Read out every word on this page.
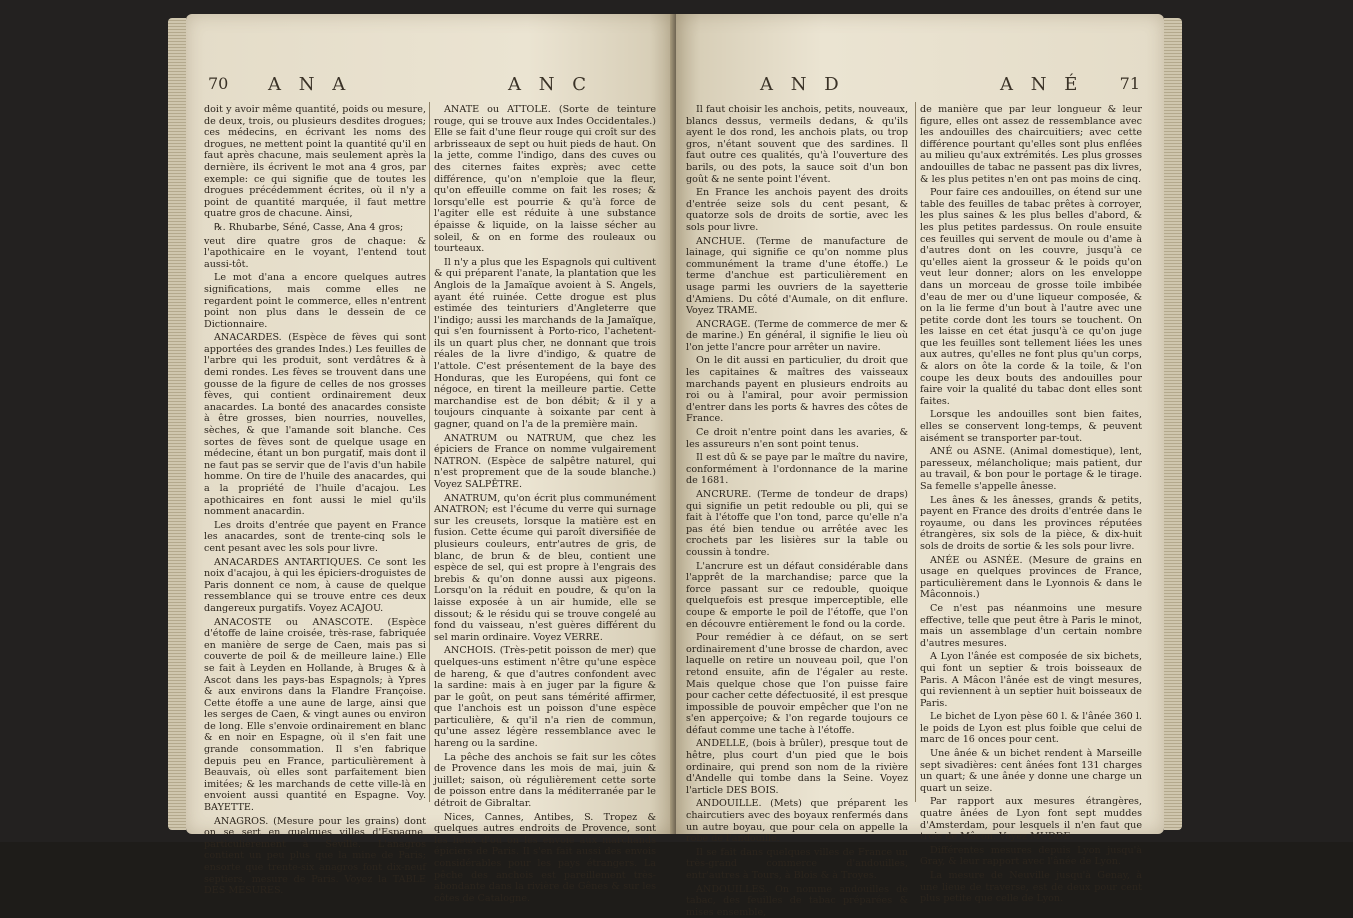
70 A N A	A N C

doit y avoir même quantité, poids ou mesure, de deux, trois, ou plusieurs desdites drogues; ces médecins, en écrivant les noms des drogues, ne mettent point la quantité qu'il en faut après chacune, mais seulement après la dernière, ils écrivent le mot ana 4 gros, par exemple: ce qui signifie que de toutes les drogues précédemment écrites, où il n'y a point de quantité marquée, il faut mettre quatre gros de chacune. Ainsi,

℞. Rhubarbe, Séné, Casse, Ana 4 gros;

veut dire quatre gros de chaque: & l'apothicaire en le voyant, l'entend tout aussi-tôt.

Le mot d'ana a encore quelques autres significations, mais comme elles ne regardent point le commerce, elles n'entrent point non plus dans le dessein de ce Dictionnaire.

ANACARDES. (Espèce de fèves qui sont apportées des grandes Indes.) Les feuilles de l'arbre qui les produit, sont verdâtres & à demi rondes. Les fèves se trouvent dans une gousse de la figure de celles de nos grosses fèves, qui contient ordinairement deux anacardes. La bonté des anacardes consiste à être grosses, bien nourries, nouvelles, sèches, & que l'amande soit blanche. Ces sortes de fèves sont de quelque usage en médecine, étant un bon purgatif, mais dont il ne faut pas se servir que de l'avis d'un habile homme. On tire de l'huile des anacardes, qui a la propriété de l'huile d'acajou. Les apothicaires en font aussi le miel qu'ils nomment anacardin.

Les droits d'entrée que payent en France les anacardes, sont de trente-cinq sols le cent pesant avec les sols pour livre.

ANACARDES ANTARTIQUES. Ce sont les noix d'acajou, à qui les épiciers-droguistes de Paris donnent ce nom, à cause de quelque ressemblance qui se trouve entre ces deux dangereux purgatifs. Voyez ACAJOU.

ANACOSTE ou ANASCOTE. (Espèce d'étoffe de laine croisée, très-rase, fabriquée en manière de serge de Caen, mais pas si couverte de poil & de meilleure laine.) Elle se fait à Leyden en Hollande, à Bruges & à Ascot dans les pays-bas Espagnols; à Ypres & aux environs dans la Flandre Françoise. Cette étoffe a une aune de large, ainsi que les serges de Caen, & vingt aunes ou environ de long. Elle s'envoie ordinairement en blanc & en noir en Espagne, où il s'en fait une grande consommation. Il s'en fabrique depuis peu en France, particulièrement à Beauvais, où elles sont parfaitement bien imitées; & les marchands de cette ville-là en envoient aussi quantité en Espagne. Voy. BAYETTE.

ANAGROS. (Mesure pour les grains) dont on se sert en quelques villes d'Espagne, particulièrement à Séville. L'anagros contient un peu plus que la mine de Paris; ensorte que trente-six anagros font dix-neuf septiers, mesure de Paris. Voyez la TABLE DES MESURES.

ANATE ou ATTOLE. (Sorte de teinture rouge, qui se trouve aux Indes Occidentales.) Elle se fait d'une fleur rouge qui croît sur des arbrisseaux de sept ou huit pieds de haut. On la jette, comme l'indigo, dans des cuves ou des citernes faites exprès; avec cette différence, qu'on n'emploie que la fleur, qu'on effeuille comme on fait les roses; & lorsqu'elle est pourrie & qu'à force de l'agiter elle est réduite à une substance épaisse & liquide, on la laisse sécher au soleil, & on en forme des rouleaux ou tourteaux.

Il n'y a plus que les Espagnols qui cultivent & qui préparent l'anate, la plantation que les Anglois de la Jamaïque avoient à S. Angels, ayant été ruinée. Cette drogue est plus estimée des teinturiers d'Angleterre que l'indigo; aussi les marchands de la Jamaïque, qui s'en fournissent à Porto-rico, l'achetent-ils un quart plus cher, ne donnant que trois réales de la livre d'indigo, & quatre de l'attole. C'est présentement de la baye des Honduras, que les Européens, qui font ce négoce, en tirent la meilleure partie. Cette marchandise est de bon débit; & il y a toujours cinquante à soixante par cent à gagner, quand on l'a de la première main.

ANATRUM ou NATRUM, que chez les épiciers de France on nomme vulgairement NATRON. (Espèce de salpêtre naturel, qui n'est proprement que de la soude blanche.) Voyez SALPÊTRE.

ANATRUM, qu'on écrit plus communément ANATRON; est l'écume du verre qui surnage sur les creusets, lorsque la matière est en fusion. Cette écume qui paroît diversifiée de plusieurs couleurs, entr'autres de gris, de blanc, de brun & de bleu, contient une espèce de sel, qui est propre à l'engrais des brebis & qu'on donne aussi aux pigeons. Lorsqu'on la réduit en poudre, & qu'on la laisse exposée à un air humide, elle se dissout; & le résidu qui se trouve congelé au fond du vaisseau, n'est guères différent du sel marin ordinaire. Voyez VERRE.

ANCHOIS. (Très-petit poisson de mer) que quelques-uns estiment n'être qu'une espèce de hareng, & que d'autres confondent avec la sardine: mais à en juger par la figure & par le goût, on peut sans témérité affirmer, que l'anchois est un poisson d'une espèce particulière, & qu'il n'a rien de commun, qu'une assez légère ressemblance avec le hareng ou la sardine.

La pêche des anchois se fait sur les côtes de Provence dans les mois de mai, juin & juillet; saison, où régulièrement cette sorte de poisson entre dans la méditerranée par le détroit de Gibraltar.

Nices, Cannes, Antibes, S. Tropez & quelques autres endroits de Provence, sont les lieux d'où on les envoie aux marchands épiciers de Paris. Il s'en fait aussi des envois considérables pour les pays étrangers. La pêche des anchois est pareillement très-abondante dans la rivière de Gênes & sur les côtes de Catalogne.

A N D	A N É 71

Il faut choisir les anchois, petits, nouveaux, blancs dessus, vermeils dedans, & qu'ils ayent le dos rond, les anchois plats, ou trop gros, n'étant souvent que des sardines. Il faut outre ces qualités, qu'à l'ouverture des barils, ou des pots, la sauce soit d'un bon goût & ne sente point l'évent.

En France les anchois payent des droits d'entrée seize sols du cent pesant, & quatorze sols de droits de sortie, avec les sols pour livre.

ANCHUE. (Terme de manufacture de lainage, qui signifie ce qu'on nomme plus communément la trame d'une étoffe.) Le terme d'anchue est particulièrement en usage parmi les ouvriers de la sayetterie d'Amiens. Du côté d'Aumale, on dit enflure. Voyez TRAME.

ANCRAGE. (Terme de commerce de mer & de marine.) En général, il signifie le lieu où l'on jette l'ancre pour arrêter un navire.

On le dit aussi en particulier, du droit que les capitaines & maîtres des vaisseaux marchands payent en plusieurs endroits au roi ou à l'amiral, pour avoir permission d'entrer dans les ports & havres des côtes de France.

Ce droit n'entre point dans les avaries, & les assureurs n'en sont point tenus.

Il est dû & se paye par le maître du navire, conformément à l'ordonnance de la marine de 1681.

ANCRURE. (Terme de tondeur de draps) qui signifie un petit redouble ou pli, qui se fait à l'étoffe que l'on tond, parce qu'elle n'a pas été bien tendue ou arrêtée avec les crochets par les lisières sur la table ou coussin à tondre.

L'ancrure est un défaut considérable dans l'apprêt de la marchandise; parce que la force passant sur ce redouble, quoique quelquefois est presque imperceptible, elle coupe & emporte le poil de l'étoffe, que l'on en découvre entièrement le fond ou la corde.

Pour remédier à ce défaut, on se sert ordinairement d'une brosse de chardon, avec laquelle on retire un nouveau poil, que l'on retond ensuite, afin de l'égaler au reste. Mais quelque chose que l'on puisse faire pour cacher cette défectuosité, il est presque impossible de pouvoir empêcher que l'on ne s'en apperçoive; & l'on regarde toujours ce défaut comme une tache à l'étoffe.

ANDELLE, (bois à brûler), presque tout de hêtre, plus court d'un pied que le bois ordinaire, qui prend son nom de la rivière d'Andelle qui tombe dans la Seine. Voyez l'article DES BOIS.

ANDOUILLE. (Mets) que préparent les chaircutiers avec des boyaux renfermés dans un autre boyau, que pour cela on appelle la robe de l'andouille.

Il se fait dans quelques villes de France un très-grand commerce d'andouilles, entr'autres à Tours, à Blois & à Troyes.

ANDOUILLES. On nomme andouilles de tabac, des feuilles de tabac préparées & mises ensemble,

de manière que par leur longueur & leur figure, elles ont assez de ressemblance avec les andouilles des chaircuitiers; avec cette différence pourtant qu'elles sont plus enflées au milieu qu'aux extrémités. Les plus grosses andouilles de tabac ne passent pas dix livres, & les plus petites n'en ont pas moins de cinq.

Pour faire ces andouilles, on étend sur une table des feuilles de tabac prêtes à corroyer, les plus saines & les plus belles d'abord, & les plus petites pardessus. On roule ensuite ces feuilles qui servent de moule ou d'ame à d'autres dont on les couvre, jusqu'à ce qu'elles aient la grosseur & le poids qu'on veut leur donner; alors on les enveloppe dans un morceau de grosse toile imbibée d'eau de mer ou d'une liqueur composée, & on la lie ferme d'un bout à l'autre avec une petite corde dont les tours se touchent. On les laisse en cet état jusqu'à ce qu'on juge que les feuilles sont tellement liées les unes aux autres, qu'elles ne font plus qu'un corps, & alors on ôte la corde & la toile, & l'on coupe les deux bouts des andouilles pour faire voir la qualité du tabac dont elles sont faites.

Lorsque les andouilles sont bien faites, elles se conservent long-temps, & peuvent aisément se transporter par-tout.

ANÉ ou ASNE. (Animal domestique), lent, paresseux, mélancholique; mais patient, dur au travail, & bon pour le portage & le tirage. Sa femelle s'appelle ânesse.

Les ânes & les ânesses, grands & petits, payent en France des droits d'entrée dans le royaume, ou dans les provinces réputées étrangères, six sols de la pièce, & dix-huit sols de droits de sortie & les sols pour livre.

ANÉE ou ASNÉE. (Mesure de grains en usage en quelques provinces de France, particulièrement dans le Lyonnois & dans le Mâconnois.)

Ce n'est pas néanmoins une mesure effective, telle que peut être à Paris le minot, mais un assemblage d'un certain nombre d'autres mesures.

A Lyon l'ânée est composée de six bichets, qui font un septier & trois boisseaux de Paris. A Mâcon l'ânée est de vingt mesures, qui reviennent à un septier huit boisseaux de Paris.

Le bichet de Lyon pèse 60 l. & l'ânée 360 l. le poids de Lyon est plus foible que celui de marc de 16 onces pour cent.

Une ânée & un bichet rendent à Marseille sept sivadières: cent ânées font 131 charges un quart; & une ânée y donne une charge un quart un seize.

Par rapport aux mesures étrangères, quatre ânées de Lyon font sept muddes d'Amsterdam, pour lesquels il n'en faut que trois de Mâcon. Voyez MUDDE.

Différentes mesures depuis Lyon jusqu'à Gray, & leur rapport avec l'ânée de Lyon.

La mesure de Neuville jusqu'à Genay, à une lieue de traverse, est de deux pour cent plus petite que celle de Lyon.
